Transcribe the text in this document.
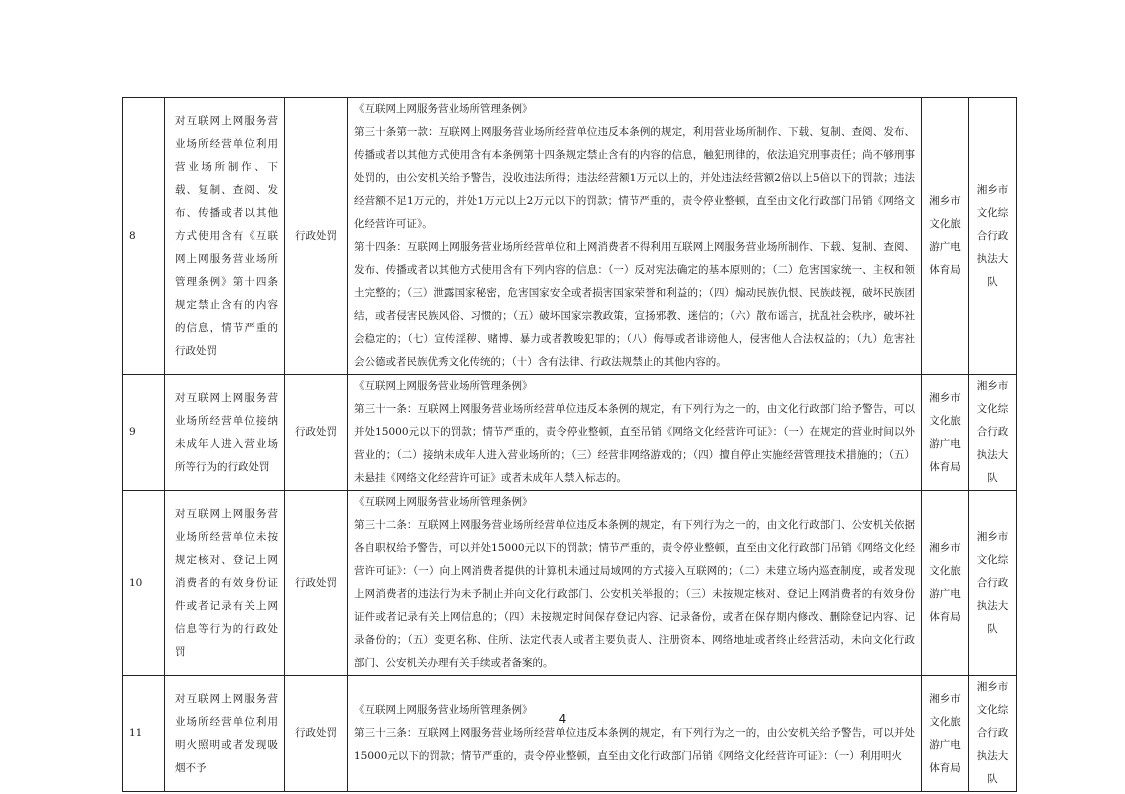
8	对互联网上网服务营业场所经营单位利用营业场所制作、下载、复制、查阅、发布、传播或者以其他方式使用含有《互联网上网服务营业场所管理条例》第十四条规定禁止含有的内容的信息，情节严重的行政处罚	行政处罚	《互联网上网服务营业场所管理条例》

第三十条第一款：互联网上网服务营业场所经营单位违反本条例的规定，利用营业场所制作、下载、复制、查阅、发布、传播或者以其他方式使用含有本条例第十四条规定禁止含有的内容的信息，触犯刑律的，依法追究刑事责任；尚不够刑事处罚的，由公安机关给予警告，没收违法所得；违法经营额1万元以上的，并处违法经营额2倍以上5倍以下的罚款；违法经营额不足1万元的，并处1万元以上2万元以下的罚款；情节严重的，责令停业整顿，直至由文化行政部门吊销《网络文化经营许可证》。

第十四条：互联网上网服务营业场所经营单位和上网消费者不得利用互联网上网服务营业场所制作、下载、复制、查阅、发布、传播或者以其他方式使用含有下列内容的信息：（一）反对宪法确定的基本原则的；（二）危害国家统一、主权和领土完整的；（三）泄露国家秘密，危害国家安全或者损害国家荣誉和利益的；（四）煽动民族仇恨、民族歧视，破坏民族团结，或者侵害民族风俗、习惯的；（五）破坏国家宗教政策，宣扬邪教、迷信的；（六）散布谣言，扰乱社会秩序，破坏社会稳定的；（七）宣传淫秽、赌博、暴力或者教唆犯罪的；（八）侮辱或者诽谤他人，侵害他人合法权益的；（九）危害社会公德或者民族优秀文化传统的；（十）含有法律、行政法规禁止的其他内容的。	湘乡市文化旅游广电体育局	湘乡市文化综合行政执法大队
9	对互联网上网服务营业场所经营单位接纳未成年人进入营业场所等行为的行政处罚	行政处罚	《互联网上网服务营业场所管理条例》

第三十一条：互联网上网服务营业场所经营单位违反本条例的规定，有下列行为之一的，由文化行政部门给予警告，可以并处15000元以下的罚款；情节严重的，责令停业整顿，直至吊销《网络文化经营许可证》：（一）在规定的营业时间以外营业的；（二）接纳未成年人进入营业场所的；（三）经营非网络游戏的；（四）擅自停止实施经营管理技术措施的；（五）未悬挂《网络文化经营许可证》或者未成年人禁入标志的。	湘乡市文化旅游广电体育局	湘乡市文化综合行政执法大队
10	对互联网上网服务营业场所经营单位未按规定核对、登记上网消费者的有效身份证件或者记录有关上网信息等行为的行政处罚	行政处罚	《互联网上网服务营业场所管理条例》

第三十二条：互联网上网服务营业场所经营单位违反本条例的规定，有下列行为之一的，由文化行政部门、公安机关依据各自职权给予警告，可以并处15000元以下的罚款；情节严重的，责令停业整顿，直至由文化行政部门吊销《网络文化经营许可证》：（一）向上网消费者提供的计算机未通过局域网的方式接入互联网的；（二）未建立场内巡查制度，或者发现上网消费者的违法行为未予制止并向文化行政部门、公安机关举报的；（三）未按规定核对、登记上网消费者的有效身份证件或者记录有关上网信息的；（四）未按规定时间保存登记内容、记录备份，或者在保存期内修改、删除登记内容、记录备份的；（五）变更名称、住所、法定代表人或者主要负责人、注册资本、网络地址或者终止经营活动，未向文化行政部门、公安机关办理有关手续或者备案的。	湘乡市文化旅游广电体育局	湘乡市文化综合行政执法大队
11	对互联网上网服务营业场所经营单位利用明火照明或者发现吸烟不予	行政处罚	《互联网上网服务营业场所管理条例》

第三十三条：互联网上网服务营业场所经营单位违反本条例的规定，有下列行为之一的，由公安机关给予警告，可以并处15000元以下的罚款；情节严重的，责令停业整顿，直至由文化行政部门吊销《网络文化经营许可证》：（一）利用明火	湘乡市文化旅游广电体育局	湘乡市文化综合行政执法大队
4
